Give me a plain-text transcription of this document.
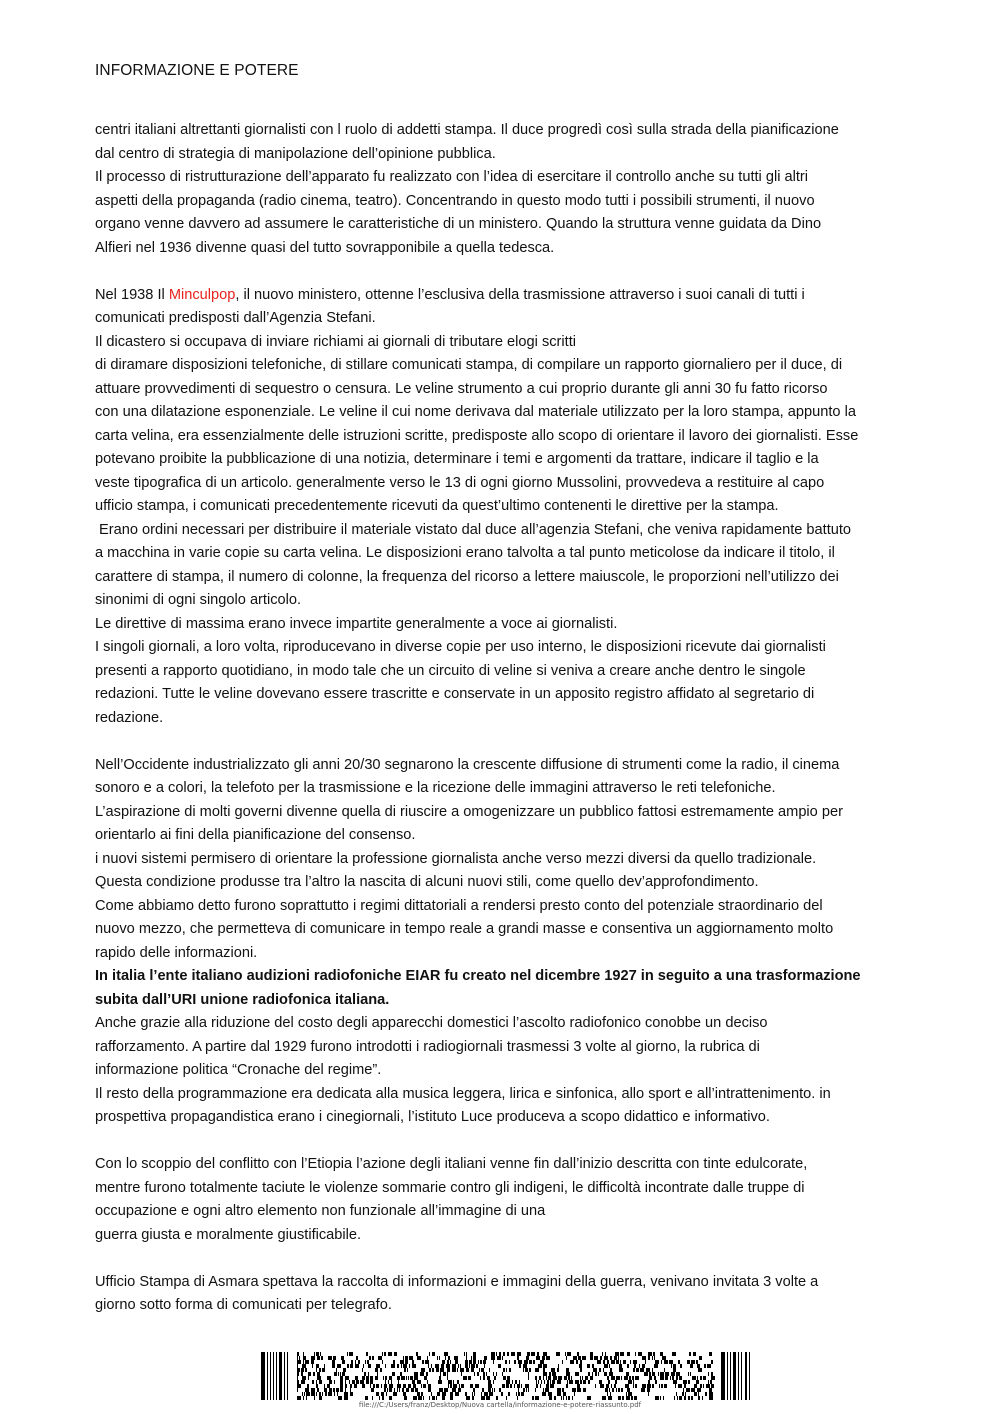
INFORMAZIONE E POTERE

centri italiani altrettanti giornalisti con l ruolo di addetti stampa. Il duce progredì così sulla strada della pianificazione

dal centro di strategia di manipolazione dell’opinione pubblica.

Il processo di ristrutturazione dell’apparato fu realizzato con l’idea di esercitare il controllo anche su tutti gli altri

aspetti della propaganda (radio cinema, teatro). Concentrando in questo modo tutti i possibili strumenti, il nuovo

organo venne davvero ad assumere le caratteristiche di un ministero. Quando la struttura venne guidata da Dino

Alfieri nel 1936 divenne quasi del tutto sovrapponibile a quella tedesca.

Nel 1938 Il Minculpop, il nuovo ministero, ottenne l’esclusiva della trasmissione attraverso i suoi canali di tutti i

comunicati predisposti dall’Agenzia Stefani.

Il dicastero si occupava di inviare richiami ai giornali di tributare elogi scritti

di diramare disposizioni telefoniche, di stillare comunicati stampa, di compilare un rapporto giornaliero per il duce, di

attuare provvedimenti di sequestro o censura. Le veline strumento a cui proprio durante gli anni 30 fu fatto ricorso

con una dilatazione esponenziale. Le veline il cui nome derivava dal materiale utilizzato per la loro stampa, appunto la

carta velina, era essenzialmente delle istruzioni scritte, predisposte allo scopo di orientare il lavoro dei giornalisti. Esse

potevano proibite la pubblicazione di una notizia, determinare i temi e argomenti da trattare, indicare il taglio e la

veste tipografica di un articolo. generalmente verso le 13 di ogni giorno Mussolini, provvedeva a restituire al capo

ufficio stampa, i comunicati precedentemente ricevuti da quest’ultimo contenenti le direttive per la stampa.

Erano ordini necessari per distribuire il materiale vistato dal duce all’agenzia Stefani, che veniva rapidamente battuto

a macchina in varie copie su carta velina. Le disposizioni erano talvolta a tal punto meticolose da indicare il titolo, il

carattere di stampa, il numero di colonne, la frequenza del ricorso a lettere maiuscole, le proporzioni nell’utilizzo dei

sinonimi di ogni singolo articolo.

Le direttive di massima erano invece impartite generalmente a voce ai giornalisti.

I singoli giornali, a loro volta, riproducevano in diverse copie per uso interno, le disposizioni ricevute dai giornalisti

presenti a rapporto quotidiano, in modo tale che un circuito di veline si veniva a creare anche dentro le singole

redazioni. Tutte le veline dovevano essere trascritte e conservate in un apposito registro affidato al segretario di

redazione.

Nell’Occidente industrializzato gli anni 20/30 segnarono la crescente diffusione di strumenti come la radio, il cinema

sonoro e a colori, la telefoto per la trasmissione e la ricezione delle immagini attraverso le reti telefoniche.

L’aspirazione di molti governi divenne quella di riuscire a omogenizzare un pubblico fattosi estremamente ampio per

orientarlo ai fini della pianificazione del consenso.

i nuovi sistemi permisero di orientare la professione giornalista anche verso mezzi diversi da quello tradizionale.

Questa condizione produsse tra l’altro la nascita di alcuni nuovi stili, come quello dev’approfondimento.

Come abbiamo detto furono soprattutto i regimi dittatoriali a rendersi presto conto del potenziale straordinario del

nuovo mezzo, che permetteva di comunicare in tempo reale a grandi masse e consentiva un aggiornamento molto

rapido delle informazioni.

In italia l’ente italiano audizioni radiofoniche EIAR fu creato nel dicembre 1927 in seguito a una trasformazione

subita dall’URI unione radiofonica italiana.

Anche grazie alla riduzione del costo degli apparecchi domestici l’ascolto radiofonico conobbe un deciso

rafforzamento. A partire dal 1929 furono introdotti i radiogiornali trasmessi 3 volte al giorno, la rubrica di

informazione politica “Cronache del regime”.

Il resto della programmazione era dedicata alla musica leggera, lirica e sinfonica, allo sport e all’intrattenimento. in

prospettiva propagandistica erano i cinegiornali, l’istituto Luce produceva a scopo didattico e informativo.

Con lo scoppio del conflitto con l’Etiopia l’azione degli italiani venne fin dall’inizio descritta con tinte edulcorate,

mentre furono totalmente taciute le violenze sommarie contro gli indigeni, le difficoltà incontrate dalle truppe di

occupazione e ogni altro elemento non funzionale all’immagine di una

guerra giusta e moralmente giustificabile.

Ufficio Stampa di Asmara spettava la raccolta di informazioni e immagini della guerra, venivano invitata 3 volte a

giorno sotto forma di comunicati per telegrafo.

file:///C:/Users/franz/Desktop/Nuova cartella/informazione-e-potere-riassunto.pdf
